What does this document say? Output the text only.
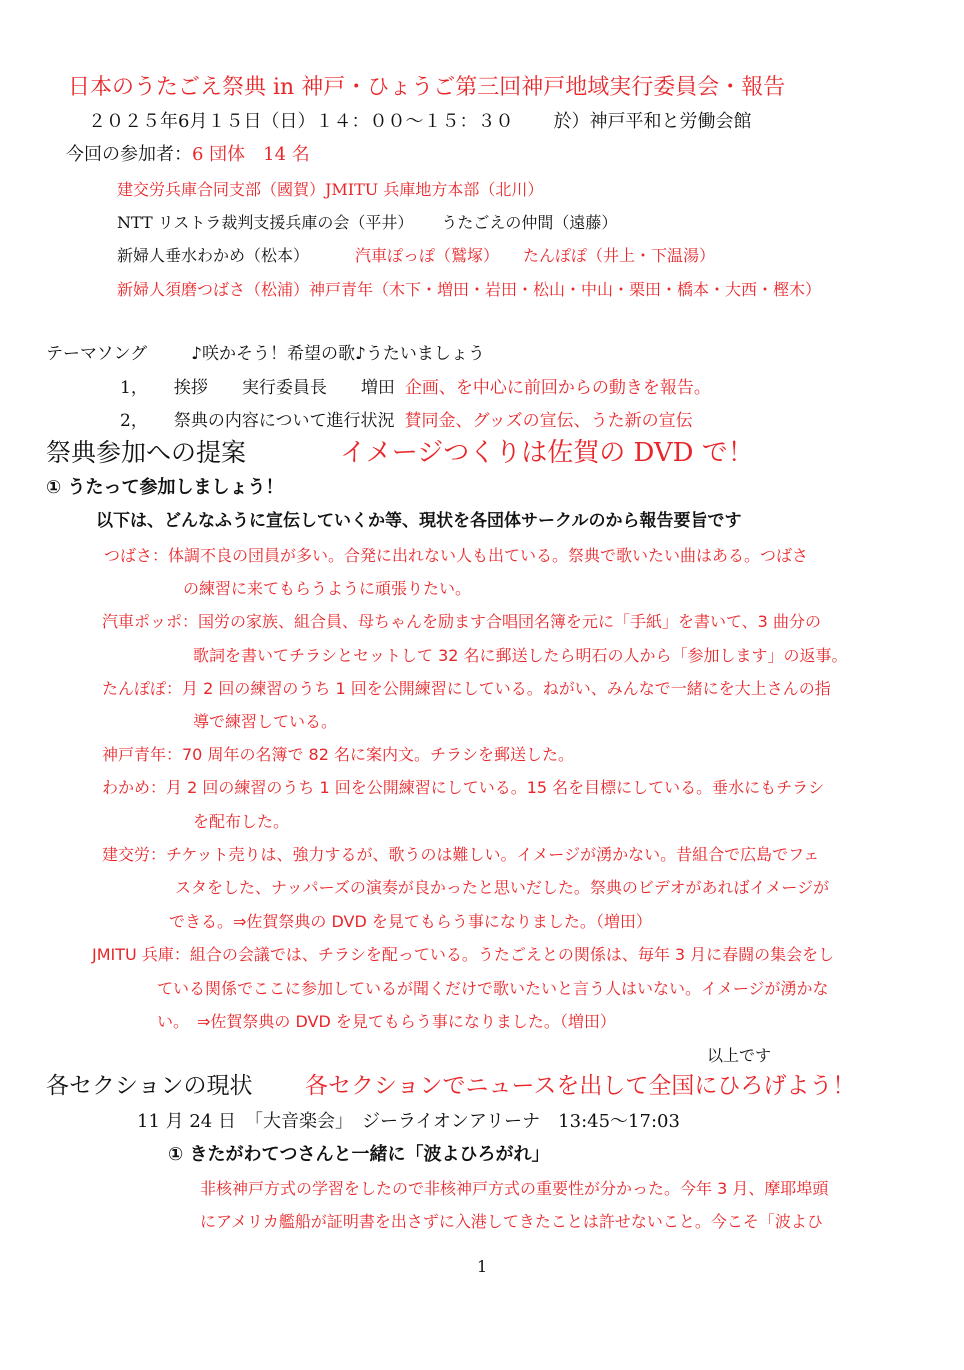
日本のうたごえ祭典 in 神戸・ひょうご第三回神戸地域実行委員会・報告
２０２５年6月１５日（日）１４：００～１５：３０ 於）神戸平和と労働会館
今回の参加者：6 団体　14 名
建交労兵庫合同支部（國賀）JMITU 兵庫地方本部（北川）
NTT リストラ裁判支援兵庫の会（平井） うたごえの仲間（遠藤）
新婦人垂水わかめ（松本）	汽車ぽっぽ（鷲塚） たんぽぽ（井上・下温湯）
新婦人須磨つばさ（松浦）神戸青年（木下・増田・岩田・松山・中山・栗田・橋本・大西・樫木）
テーマソング	♪咲かそう！希望の歌♪うたいましょう
1， 挨拶　　実行委員長　　増田 企画、を中心に前回からの動きを報告。
2， 祭典の内容について進行状況 賛同金、グッズの宣伝、うた新の宣伝
祭典参加への提案	イメージつくりは佐賀の DVD で！
① うたって参加しましょう！
以下は、どんなふうに宣伝していくか等、現状を各団体サークルのから報告要旨です
つばさ：体調不良の団員が多い。合発に出れない人も出ている。祭典で歌いたい曲はある。つばさ
の練習に来てもらうように頑張りたい。
汽車ポッポ：国労の家族、組合員、母ちゃんを励ます合唱団名簿を元に「手紙」を書いて、3 曲分の
歌詞を書いてチラシとセットして 32 名に郵送したら明石の人から「参加します」の返事。
たんぽぽ：月 2 回の練習のうち 1 回を公開練習にしている。ねがい、みんなで一緒にを大上さんの指
導で練習している。
神戸青年：70 周年の名簿で 82 名に案内文。チラシを郵送した。
わかめ：月 2 回の練習のうち 1 回を公開練習にしている。15 名を目標にしている。垂水にもチラシ
を配布した。
建交労：チケット売りは、強力するが、歌うのは難しい。イメージが湧かない。昔組合で広島でフェ
スタをした、ナッパーズの演奏が良かったと思いだした。祭典のビデオがあればイメージが
できる。⇒佐賀祭典の DVD を見てもらう事になりました。（増田）
JMITU 兵庫：組合の会議では、チラシを配っている。うたごえとの関係は、毎年 3 月に春闘の集会をし
ている関係でここに参加しているが聞くだけで歌いたいと言う人はいない。イメージが湧かな
い。　⇒佐賀祭典の DVD を見てもらう事になりました。（増田）
以上です
各セクションの現状 各セクションでニュースを出して全国にひろげよう！
11 月 24 日　「大音楽会」　ジーライオンアリーナ　13:45～17:03
① きたがわてつさんと一緒に「波よひろがれ」
非核神戸方式の学習をしたので非核神戸方式の重要性が分かった。今年 3 月、摩耶埠頭
にアメリカ艦船が証明書を出さずに入港してきたことは許せないこと。今こそ「波よひ
1
